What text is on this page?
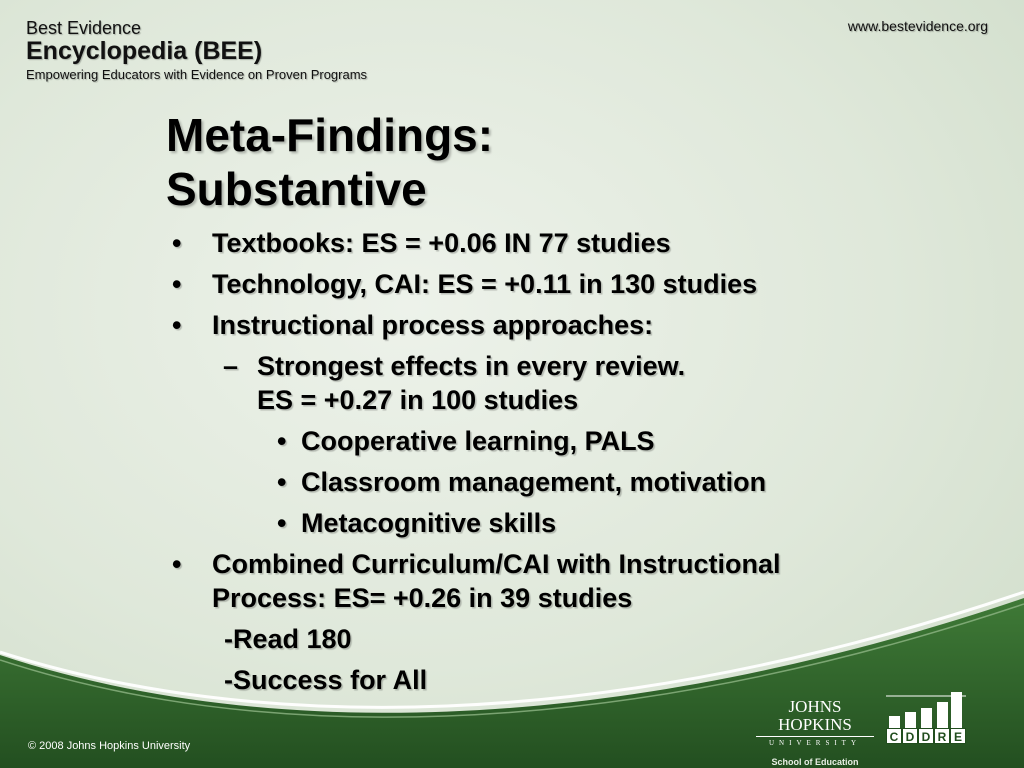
Best Evidence
Encyclopedia (BEE)
Empowering Educators with Evidence on Proven Programs
www.bestevidence.org
Meta-Findings:
Substantive
• Textbooks: ES = +0.06 IN 77 studies
• Technology, CAI: ES = +0.11 in 130 studies
• Instructional process approaches:
– Strongest effects in every review.
ES = +0.27 in 100 studies
• Cooperative learning, PALS
• Classroom management, motivation
• Metacognitive skills
• Combined Curriculum/CAI with Instructional
Process: ES= +0.26 in 39 studies
-Read 180
-Success for All
© 2008 Johns Hopkins University
JOHNS HOPKINS
UNIVERSITY
School of Education
C D D R E
